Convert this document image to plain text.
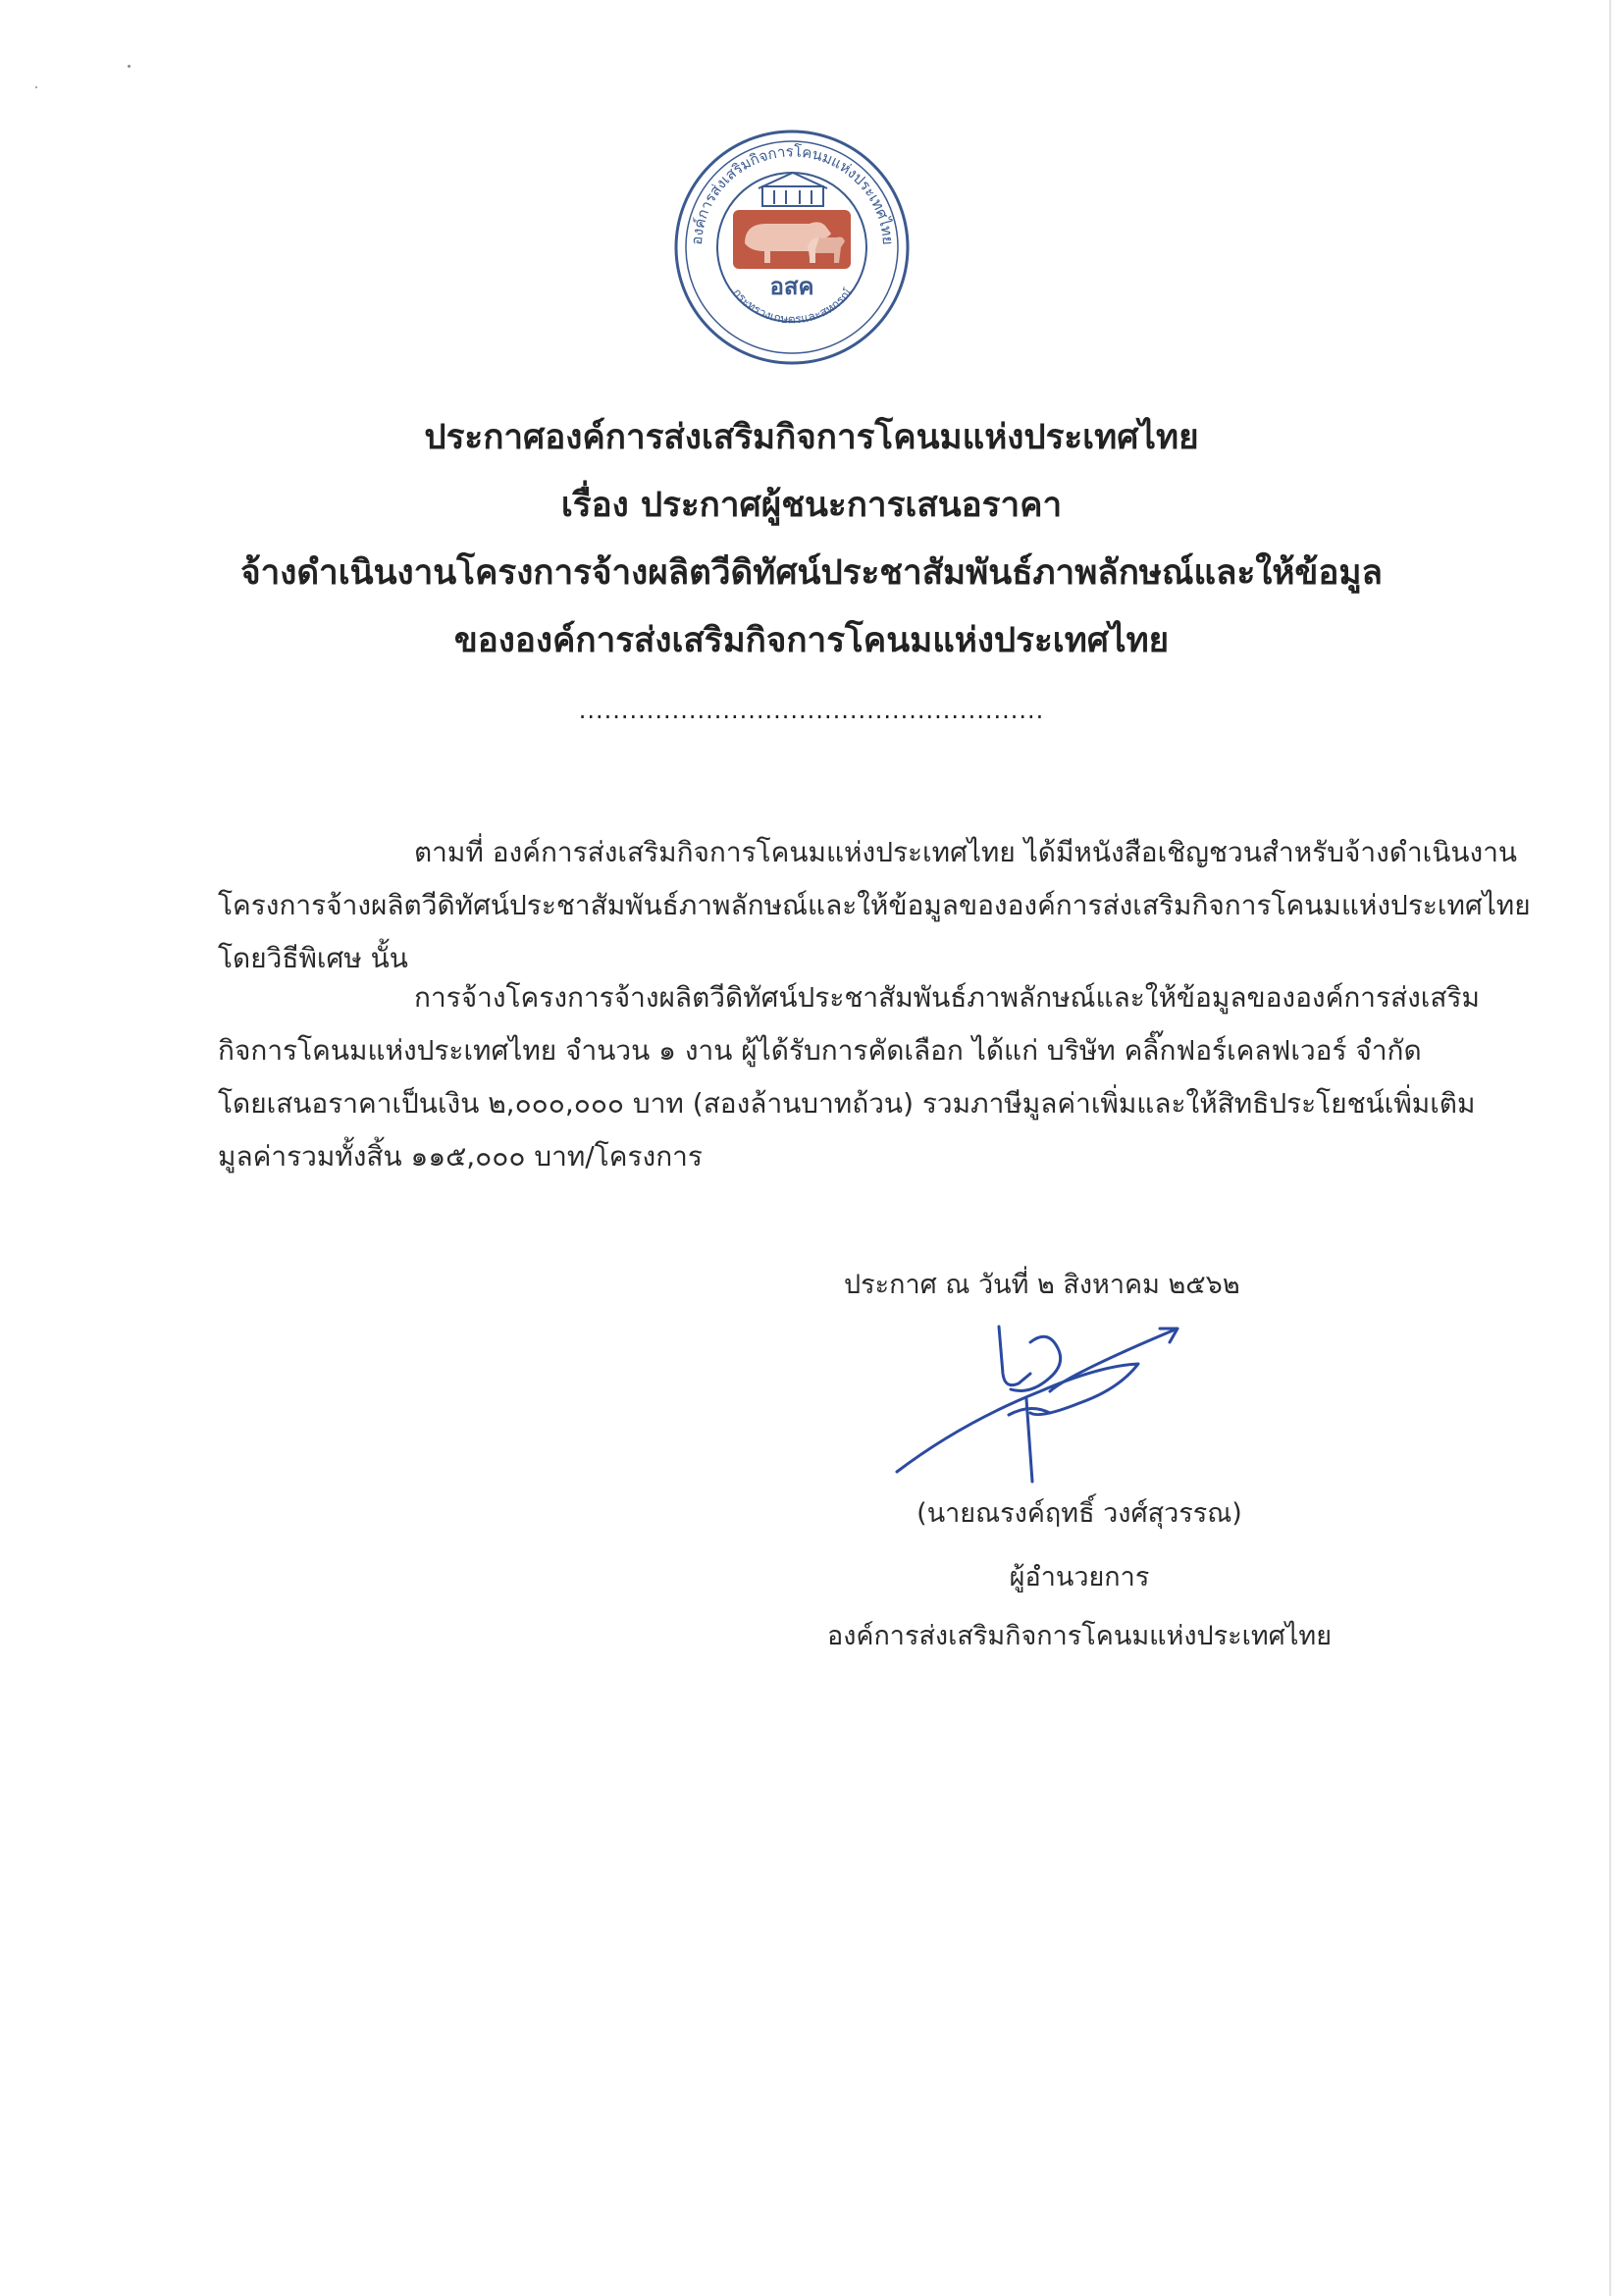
องค์การส่งเสริมกิจการโคนมแห่งประเทศไทย
อสค
กระทรวงเกษตรและสหกรณ์
ประกาศองค์การส่งเสริมกิจการโคนมแห่งประเทศไทย
เรื่อง ประกาศผู้ชนะการเสนอราคา
จ้างดำเนินงานโครงการจ้างผลิตวีดิทัศน์ประชาสัมพันธ์ภาพลักษณ์และให้ข้อมูล
ขององค์การส่งเสริมกิจการโคนมแห่งประเทศไทย
.......................................................
ตามที่ องค์การส่งเสริมกิจการโคนมแห่งประเทศไทย ได้มีหนังสือเชิญชวนสำหรับจ้างดำเนินงาน
โครงการจ้างผลิตวีดิทัศน์ประชาสัมพันธ์ภาพลักษณ์และให้ข้อมูลขององค์การส่งเสริมกิจการโคนมแห่งประเทศไทย
โดยวิธีพิเศษ นั้น
การจ้างโครงการจ้างผลิตวีดิทัศน์ประชาสัมพันธ์ภาพลักษณ์และให้ข้อมูลขององค์การส่งเสริม
กิจการโคนมแห่งประเทศไทย จำนวน ๑ งาน ผู้ได้รับการคัดเลือก ได้แก่ บริษัท คลิ๊กฟอร์เคลฟเวอร์ จำกัด
โดยเสนอราคาเป็นเงิน ๒,๐๐๐,๐๐๐ บาท (สองล้านบาทถ้วน) รวมภาษีมูลค่าเพิ่มและให้สิทธิประโยชน์เพิ่มเติม
มูลค่ารวมทั้งสิ้น ๑๑๕,๐๐๐ บาท/โครงการ
ประกาศ ณ วันที่ ๒ สิงหาคม ๒๕๖๒
(นายณรงค์ฤทธิ์ วงศ์สุวรรณ)
ผู้อำนวยการ
องค์การส่งเสริมกิจการโคนมแห่งประเทศไทย
